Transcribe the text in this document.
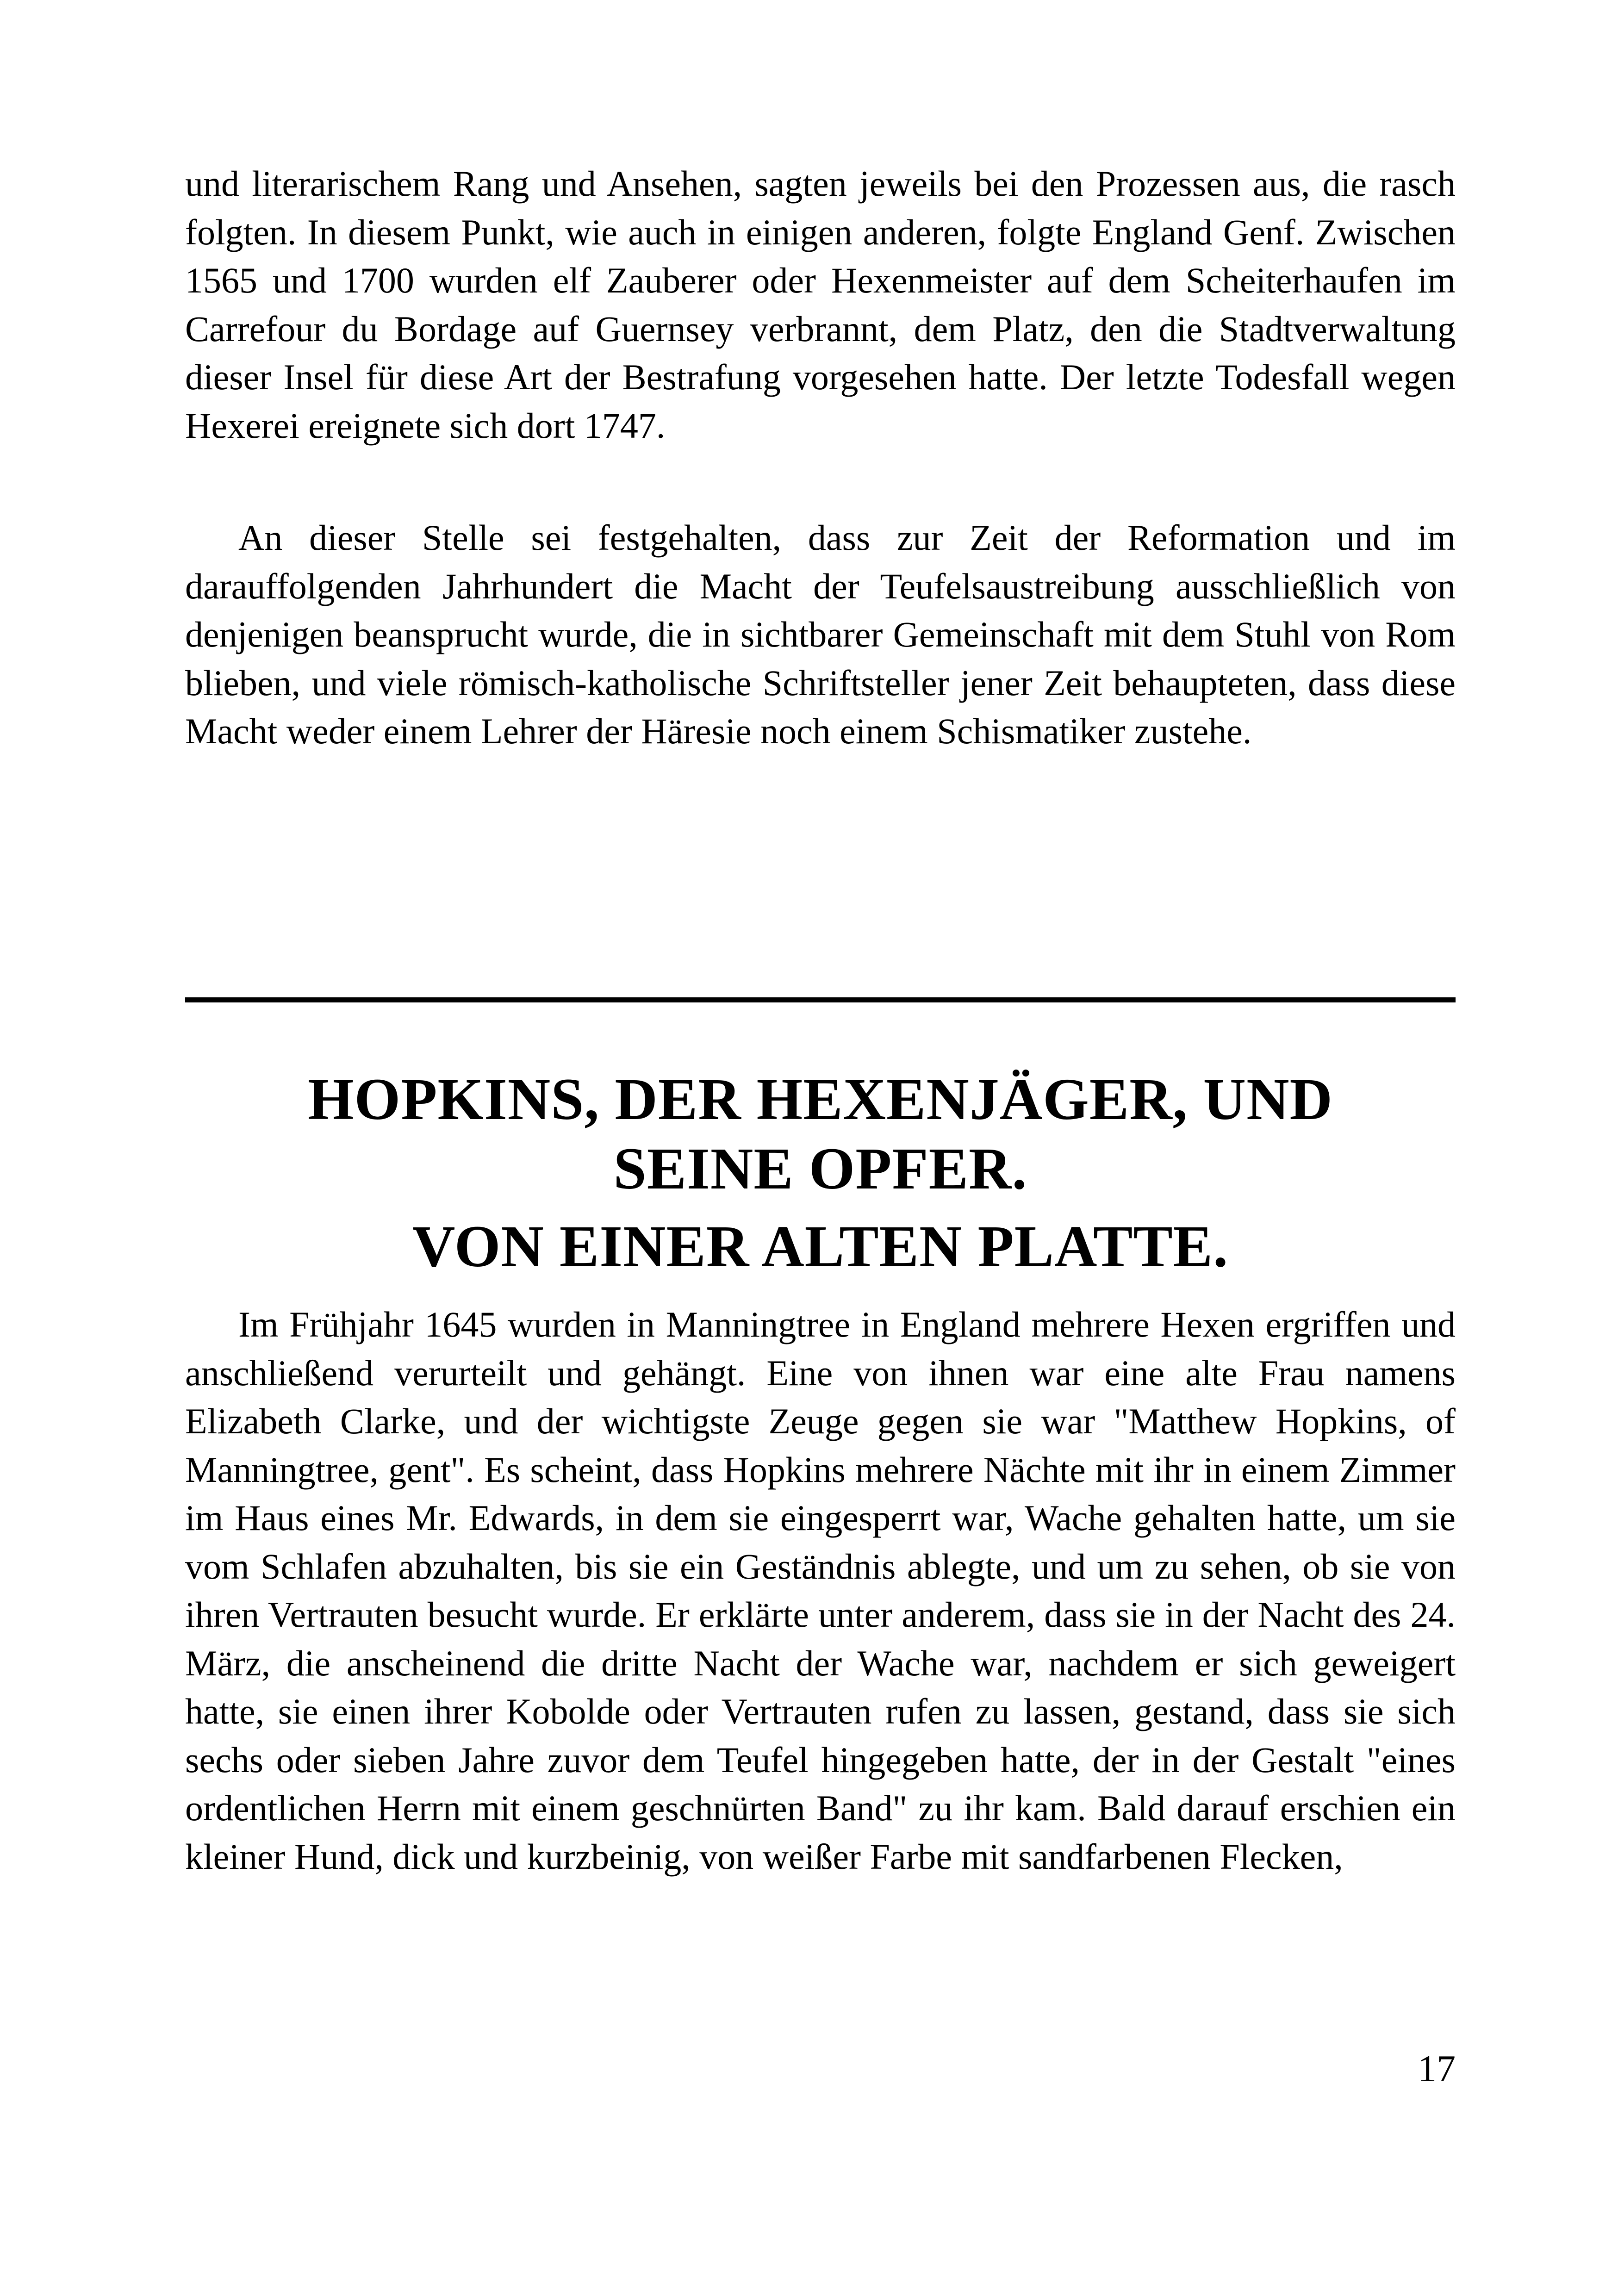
und literarischem Rang und Ansehen, sagten jeweils bei den Prozessen aus, die rasch folgten. In diesem Punkt, wie auch in einigen anderen, folgte England Genf. Zwischen 1565 und 1700 wurden elf Zauberer oder Hexenmeister auf dem Scheiterhaufen im Carrefour du Bordage auf Guernsey verbrannt, dem Platz, den die Stadtverwaltung dieser Insel für diese Art der Bestrafung vorgesehen hatte. Der letzte Todesfall wegen Hexerei ereignete sich dort 1747.

An dieser Stelle sei festgehalten, dass zur Zeit der Reformation und im darauffolgenden Jahrhundert die Macht der Teufelsaustreibung ausschließlich von denjenigen beansprucht wurde, die in sichtbarer Gemeinschaft mit dem Stuhl von Rom blieben, und viele römisch-katholische Schriftsteller jener Zeit behaupteten, dass diese Macht weder einem Lehrer der Häresie noch einem Schismatiker zustehe.

HOPKINS, DER HEXENJÄGER, UND
SEINE OPFER.
VON EINER ALTEN PLATTE.

Im Frühjahr 1645 wurden in Manningtree in England mehrere Hexen ergriffen und anschließend verurteilt und gehängt. Eine von ihnen war eine alte Frau namens Elizabeth Clarke, und der wichtigste Zeuge gegen sie war "Matthew Hopkins, of Manningtree, gent". Es scheint, dass Hopkins mehrere Nächte mit ihr in einem Zimmer im Haus eines Mr. Edwards, in dem sie eingesperrt war, Wache gehalten hatte, um sie vom Schlafen abzuhalten, bis sie ein Geständnis ablegte, und um zu sehen, ob sie von ihren Vertrauten besucht wurde. Er erklärte unter anderem, dass sie in der Nacht des 24. März, die anscheinend die dritte Nacht der Wache war, nachdem er sich geweigert hatte, sie einen ihrer Kobolde oder Vertrauten rufen zu lassen, gestand, dass sie sich sechs oder sieben Jahre zuvor dem Teufel hingegeben hatte, der in der Gestalt "eines ordentlichen Herrn mit einem geschnürten Band" zu ihr kam. Bald darauf erschien ein kleiner Hund, dick und kurzbeinig, von weißer Farbe mit sandfarbenen Flecken,

17
